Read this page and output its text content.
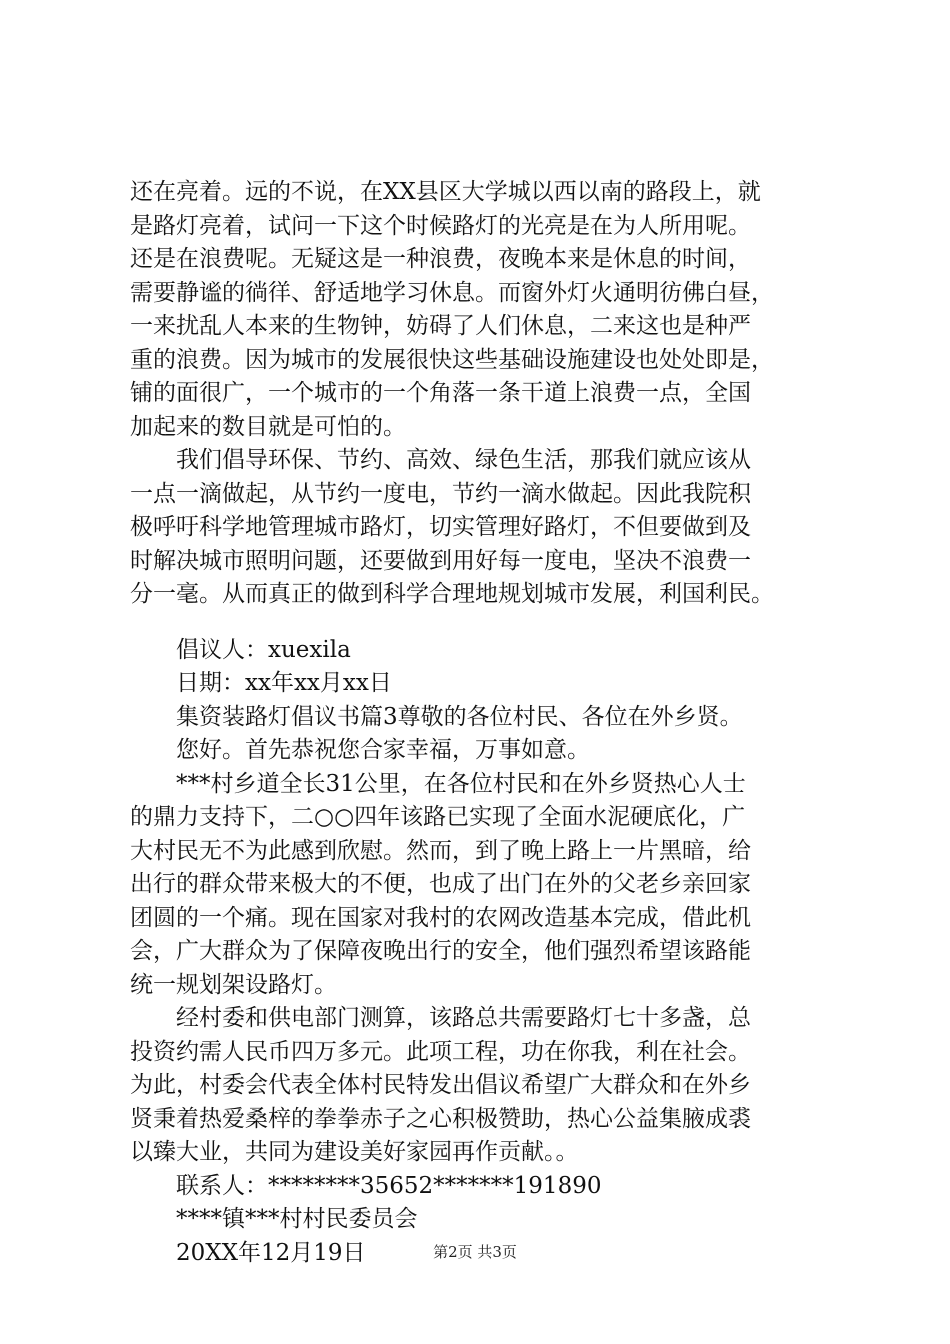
还在亮着。远的不说，在XX县区大学城以西以南的路段上，就
是路灯亮着，试问一下这个时候路灯的光亮是在为人所用呢。
还是在浪费呢。无疑这是一种浪费，夜晚本来是休息的时间，
需要静谧的徜徉、舒适地学习休息。而窗外灯火通明彷佛白昼，
一来扰乱人本来的生物钟，妨碍了人们休息，二来这也是种严
重的浪费。因为城市的发展很快这些基础设施建设也处处即是，
铺的面很广，一个城市的一个角落一条干道上浪费一点，全国
加起来的数目就是可怕的。
　　我们倡导环保、节约、高效、绿色生活，那我们就应该从
一点一滴做起，从节约一度电，节约一滴水做起。因此我院积
极呼吁科学地管理城市路灯，切实管理好路灯，不但要做到及
时解决城市照明问题，还要做到用好每一度电，坚决不浪费一
分一毫。从而真正的做到科学合理地规划城市发展，利国利民。
　　倡议人：xuexila
　　日期：xx年xx月xx日
　　集资装路灯倡议书篇3尊敬的各位村民、各位在外乡贤。
　　您好。首先恭祝您合家幸福，万事如意。
　　***村乡道全长31公里，在各位村民和在外乡贤热心人士
的鼎力支持下，二○○四年该路已实现了全面水泥硬底化，广
大村民无不为此感到欣慰。然而，到了晚上路上一片黑暗，给
出行的群众带来极大的不便，也成了出门在外的父老乡亲回家
团圆的一个痛。现在国家对我村的农网改造基本完成，借此机
会，广大群众为了保障夜晚出行的安全，他们强烈希望该路能
统一规划架设路灯。
　　经村委和供电部门测算，该路总共需要路灯七十多盏，总
投资约需人民币四万多元。此项工程，功在你我，利在社会。
为此，村委会代表全体村民特发出倡议希望广大群众和在外乡
贤秉着热爱桑梓的拳拳赤子之心积极赞助，热心公益集腋成裘
以臻大业，共同为建设美好家园再作贡献。。
　　联系人：********35652*******191890
　　****镇***村村民委员会
　　20XX年12月19日	第2页 共3页
